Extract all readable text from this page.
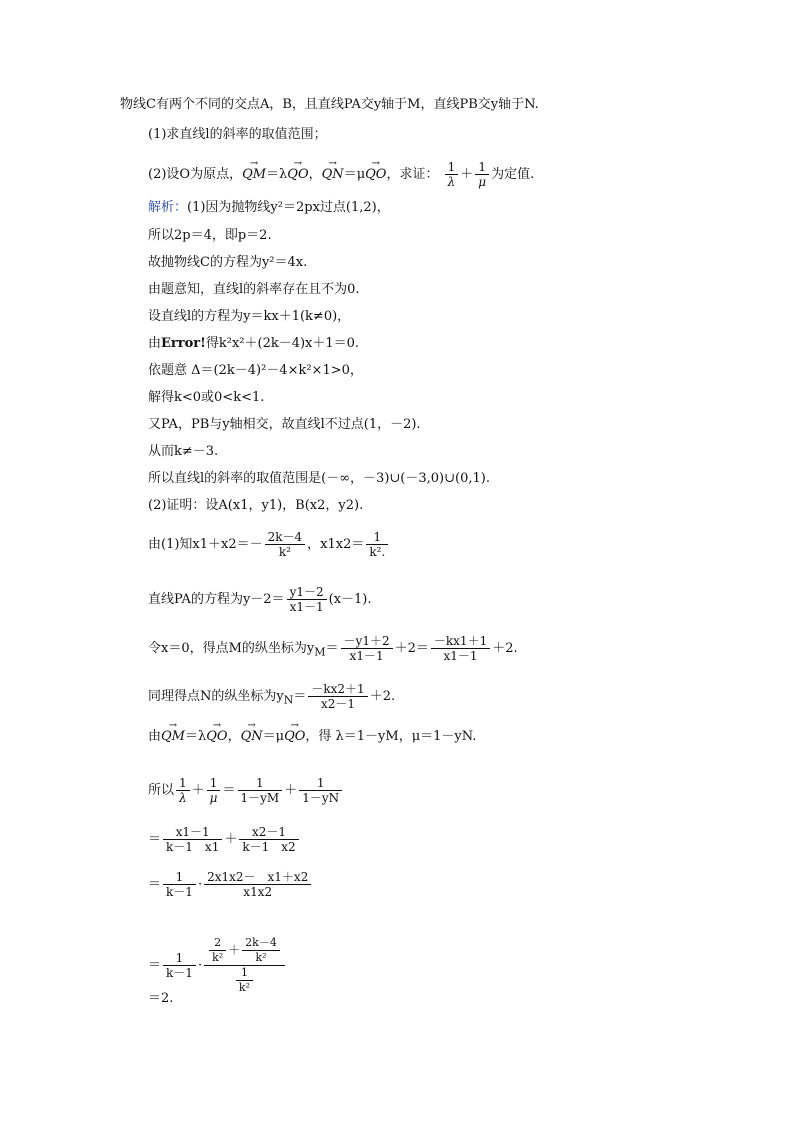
物线C有两个不同的交点A，B，且直线PA交y轴于M，直线PB交y轴于N.
(1)求直线l的斜率的取值范围；
(2)设O为原点，→ QM＝λ→ QO，→ QN＝μ→ QO，求证： $\frac{1}{\lambda} + \frac{1}{\mu}$ 为定值.
解析：(1)因为抛物线y²＝2px过点(1,2)，
所以2p＝4，即p＝2.
故抛物线C的方程为y²＝4x.
由题意知，直线l的斜率存在且不为0.
设直线l的方程为y＝kx＋1(k≠0)，
由Error!得k²x²＋(2k－4)x＋1＝0.
依题意 Δ＝(2k－4)²－4×k²×1>0，
解得k<0或0<k<1.
又PA，PB与y轴相交，故直线l不过点(1，－2).
从而k≠－3.
所以直线l的斜率的取值范围是(－∞，－3)∪(－3,0)∪(0,1).
(2)证明：设A(x1，y1)，B(x2，y2).
由(1)知$x1+x2=- \frac{2k-4}{\text{k²}}$ ，$x1x2= \frac{1}{\text{k².}}$
直线PA的方程为$y-2= \frac{y1-2}{x1-1} (x-1)$.
令x＝0，得点M的纵坐标为$y_M= \frac{-y1+2}{x1-1} +2= \frac{-kx1+1}{x1-1} +2$.
同理得点N的纵坐标为$y_N= \frac{-kx2+1}{x2-1} +2$.
由→ QM＝λ→ QO，→ QN＝μ→ QO，得 λ＝1－yM，μ＝1－yN.
所以 $\frac{1}{\lambda} + \frac{1}{\mu} = \frac{1}{1-yM} + \frac{1}{1-yN}$
＝ $\frac{x1-1}{k-1 x1} + \frac{x2-1}{k-1 x2}$
＝ $\frac{1}{k-1} \cdot \frac{2x1x2- x1+x2}{x1x2}$
＝ $\frac{1}{k-1} \cdot \frac{\frac{2}{\text{k²}} + \frac{2k-4}{\text{k²}}}{\frac{1}{\text{k²}}}$
＝2.
